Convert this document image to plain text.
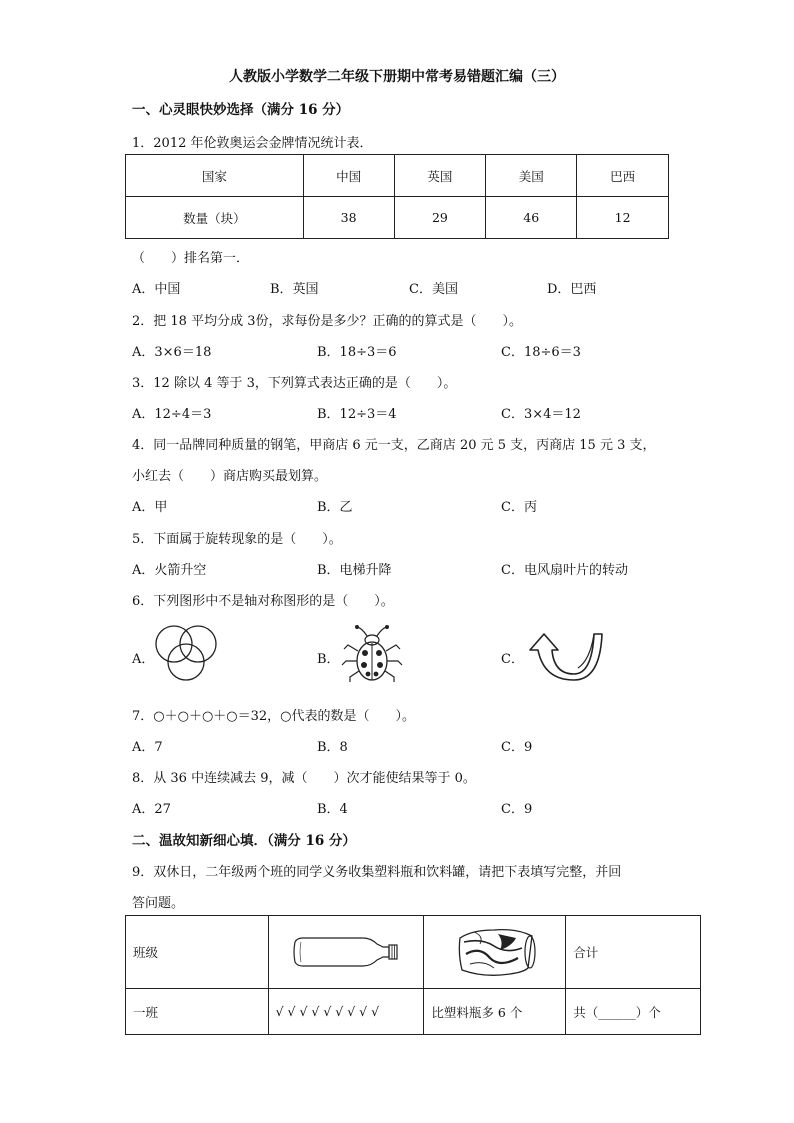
人教版小学数学二年级下册期中常考易错题汇编（三）
一、心灵眼快妙选择（满分 16 分）
1．2012 年伦敦奥运会金牌情况统计表．
国家	中国	英国	美国	巴西
数量（块）	38	29	46	12
（　　）排名第一．
A．中国	B．英国	C．美国	D．巴西
2．把 18 平均分成 3份，求每份是多少？正确的的算式是（　　）。
A．3×6＝18	B．18÷3＝6	C．18÷6＝3
3．12 除以 4 等于 3，下列算式表达正确的是（　　）。
A．12÷4＝3	B．12÷3＝4	C．3×4＝12
4．同一品牌同种质量的钢笔，甲商店 6 元一支，乙商店 20 元 5 支，丙商店 15 元 3 支，
小红去（　　）商店购买最划算。
A．甲	B．乙	C．丙
5．下面属于旋转现象的是（　　）。
A．火箭升空	B．电梯升降	C．电风扇叶片的转动
6．下列图形中不是轴对称图形的是（　　）。
A．	B．	C．
7．○＋○＋○＋○＝32，○代表的数是（　　）。
A．7	B．8	C．9
8．从 36 中连续减去 9，减（　　）次才能使结果等于 0。
A．27	B．4	C．9
二、温故知新细心填．（满分 16 分）
9．双休日，二年级两个班的同学义务收集塑料瓶和饮料罐，请把下表填写完整，并回
答问题。
班级			合计
一班	√ √ √ √ √ √ √ √ √	比塑料瓶多 6 个	共（______）个
